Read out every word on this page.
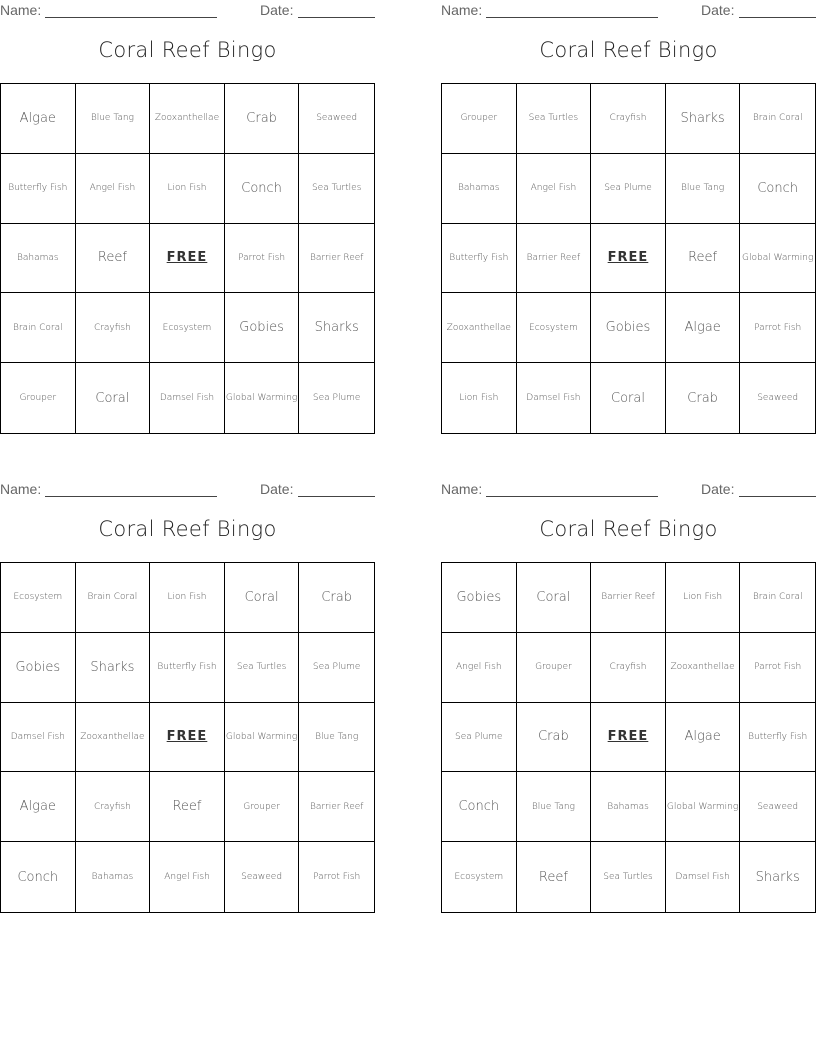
Name:	Date:
Coral Reef Bingo
Algae	Blue Tang	Zooxanthellae	Crab	Seaweed
Butterfly Fish	Angel Fish	Lion Fish	Conch	Sea Turtles
Bahamas	Reef	FREE	Parrot Fish	Barrier Reef
Brain Coral	Crayfish	Ecosystem	Gobies	Sharks
Grouper	Coral	Damsel Fish	Global Warming	Sea Plume
Name:	Date:
Coral Reef Bingo
Grouper	Sea Turtles	Crayfish	Sharks	Brain Coral
Bahamas	Angel Fish	Sea Plume	Blue Tang	Conch
Butterfly Fish	Barrier Reef	FREE	Reef	Global Warming
Zooxanthellae	Ecosystem	Gobies	Algae	Parrot Fish
Lion Fish	Damsel Fish	Coral	Crab	Seaweed
Name:	Date:
Coral Reef Bingo
Ecosystem	Brain Coral	Lion Fish	Coral	Crab
Gobies	Sharks	Butterfly Fish	Sea Turtles	Sea Plume
Damsel Fish	Zooxanthellae	FREE	Global Warming	Blue Tang
Algae	Crayfish	Reef	Grouper	Barrier Reef
Conch	Bahamas	Angel Fish	Seaweed	Parrot Fish
Name:	Date:
Coral Reef Bingo
Gobies	Coral	Barrier Reef	Lion Fish	Brain Coral
Angel Fish	Grouper	Crayfish	Zooxanthellae	Parrot Fish
Sea Plume	Crab	FREE	Algae	Butterfly Fish
Conch	Blue Tang	Bahamas	Global Warming	Seaweed
Ecosystem	Reef	Sea Turtles	Damsel Fish	Sharks
